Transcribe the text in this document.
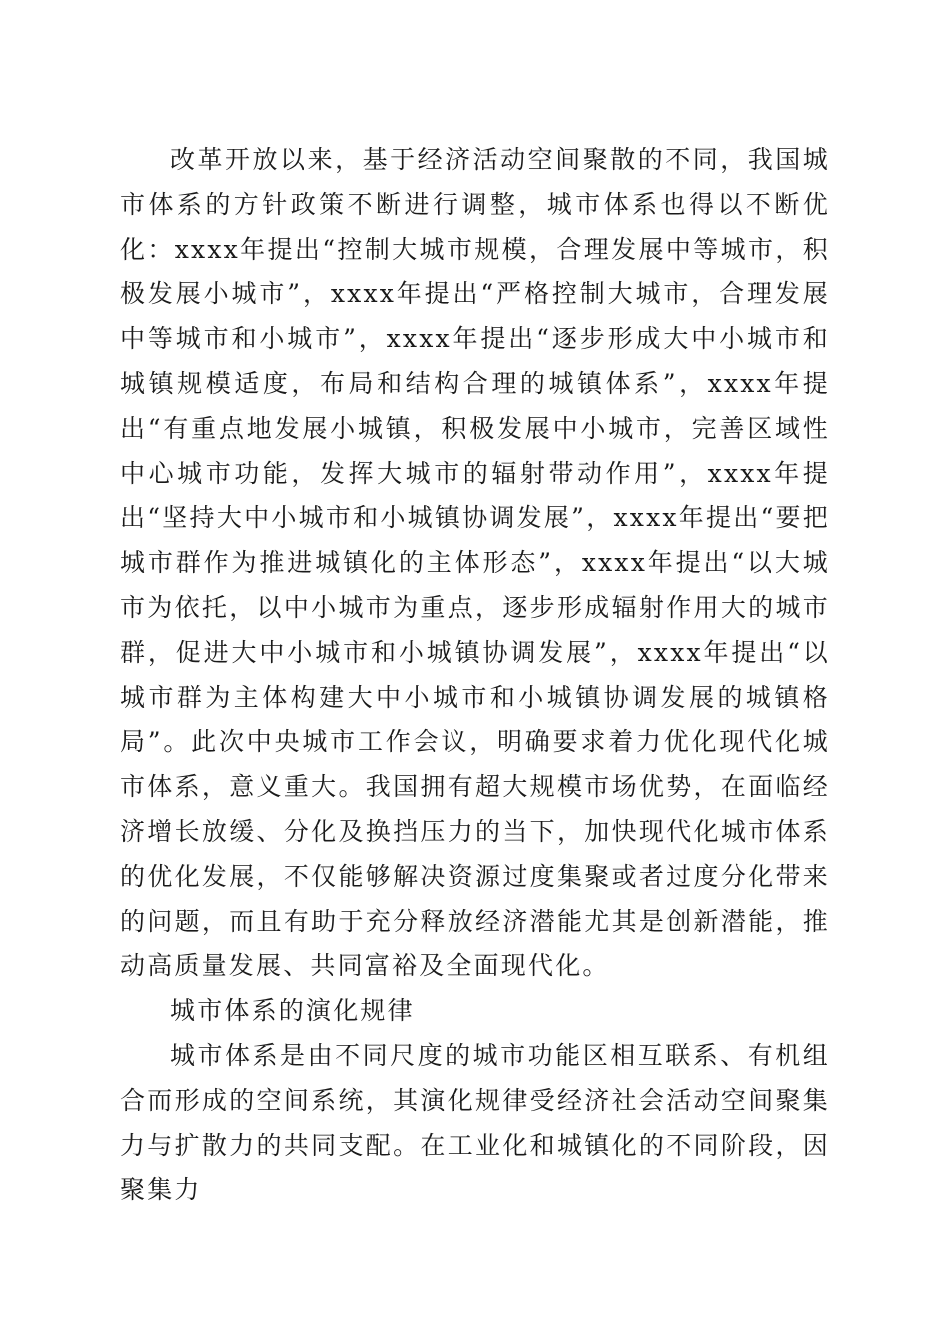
改革开放以来，基于经济活动空间聚散的不同，我国城市体系的方针政策不断进行调整，城市体系也得以不断优化：xxxx年提出“控制大城市规模，合理发展中等城市，积极发展小城市”，xxxx年提出“严格控制大城市，合理发展中等城市和小城市”，xxxx年提出“逐步形成大中小城市和城镇规模适度，布局和结构合理的城镇体系”，xxxx年提出“有重点地发展小城镇，积极发展中小城市，完善区域性中心城市功能，发挥大城市的辐射带动作用”，xxxx年提出“坚持大中小城市和小城镇协调发展”，xxxx年提出“要把城市群作为推进城镇化的主体形态”，xxxx年提出“以大城市为依托，以中小城市为重点，逐步形成辐射作用大的城市群，促进大中小城市和小城镇协调发展”，xxxx年提出“以城市群为主体构建大中小城市和小城镇协调发展的城镇格局”。此次中央城市工作会议，明确要求着力优化现代化城市体系，意义重大。我国拥有超大规模市场优势，在面临经济增长放缓、分化及换挡压力的当下，加快现代化城市体系的优化发展，不仅能够解决资源过度集聚或者过度分化带来的问题，而且有助于充分释放经济潜能尤其是创新潜能，推动高质量发展、共同富裕及全面现代化。

城市体系的演化规律

城市体系是由不同尺度的城市功能区相互联系、有机组合而形成的空间系统，其演化规律受经济社会活动空间聚集力与扩散力的共同支配。在工业化和城镇化的不同阶段，因聚集力
